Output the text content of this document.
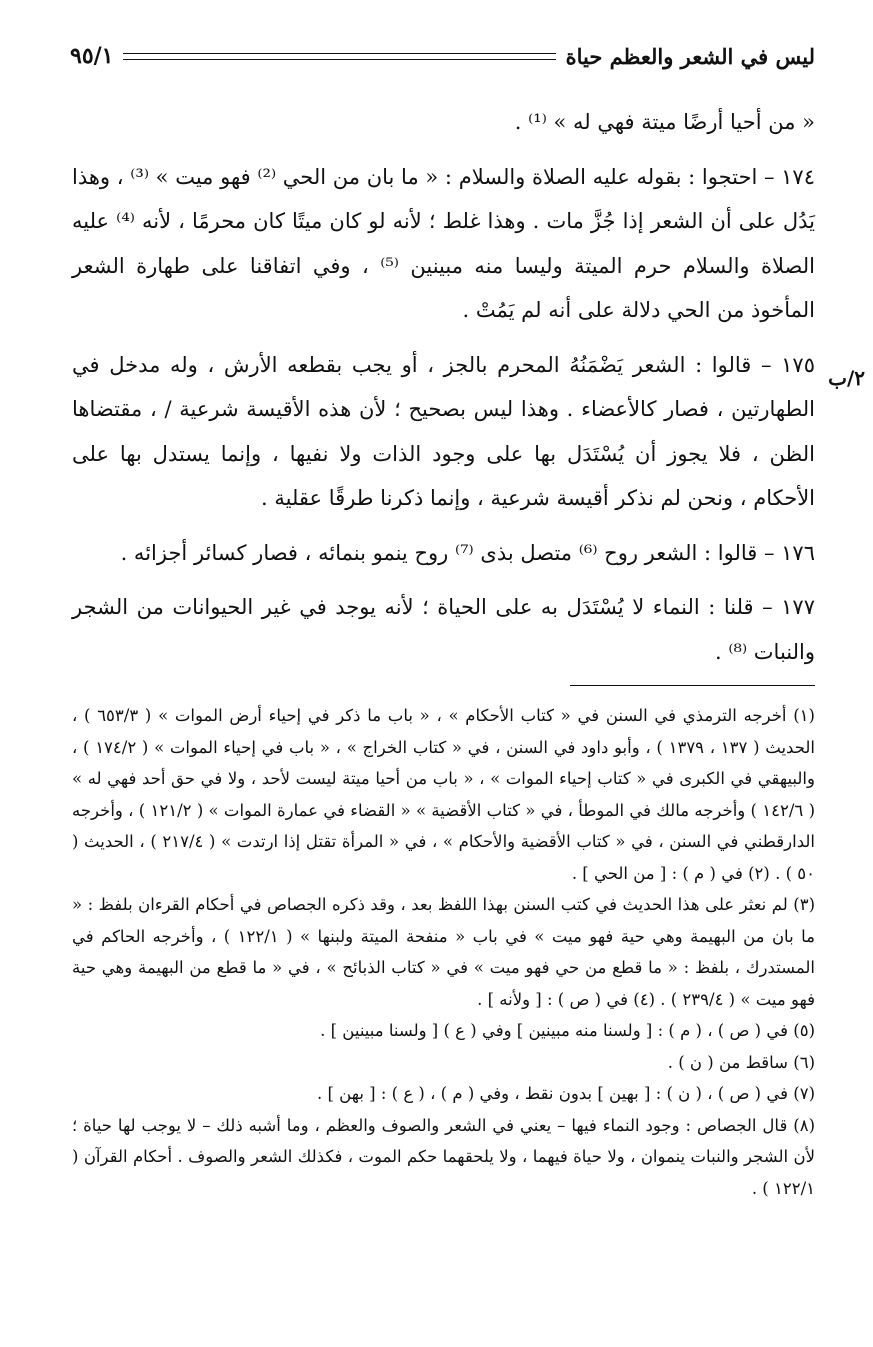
ليس في الشعر والعظم حياة
٩٥/١
٢/ب

« من أحيا أرضًا ميتة فهي له » ⁽¹⁾ .

١٧٤ – احتجوا : بقوله عليه الصلاة والسلام : « ما بان من الحي ⁽²⁾ فهو ميت » ⁽³⁾ ، وهذا يَدُل على أن الشعر إذا جُزَّ مات . وهذا غلط ؛ لأنه لو كان ميتًا كان محرمًا ، لأنه ⁽⁴⁾ عليه الصلاة والسلام حرم الميتة وليسا منه مبينين ⁽⁵⁾ ، وفي اتفاقنا على طهارة الشعر المأخوذ من الحي دلالة على أنه لم يَمُتْ .

١٧٥ – قالوا : الشعر يَضْمَنُهُ المحرم بالجز ، أو يجب بقطعه الأرش ، وله مدخل في الطهارتين ، فصار كالأعضاء . وهذا ليس بصحيح ؛ لأن هذه الأقيسة شرعية / ، مقتضاها الظن ، فلا يجوز أن يُسْتَدَل بها على وجود الذات ولا نفيها ، وإنما يستدل بها على الأحكام ، ونحن لم نذكر أقيسة شرعية ، وإنما ذكرنا طرقًا عقلية .

١٧٦ – قالوا : الشعر روح ⁽⁶⁾ متصل بذى ⁽⁷⁾ روح ينمو بنمائه ، فصار كسائر أجزائه .

١٧٧ – قلنا : النماء لا يُسْتَدَل به على الحياة ؛ لأنه يوجد في غير الحيوانات من الشجر والنبات ⁽⁸⁾ .

(١) أخرجه الترمذي في السنن في « كتاب الأحكام » ، « باب ما ذكر في إحياء أرض الموات » ( ٦٥٣/٣ ) ، الحديث ( ١٣٧ ، ١٣٧٩ ) ، وأبو داود في السنن ، في « كتاب الخراج » ، « باب في إحياء الموات » ( ١٧٤/٢ ) ، والبيهقي في الكبرى في « كتاب إحياء الموات » ، « باب من أحيا ميتة ليست لأحد ، ولا في حق أحد فهي له » ( ١٤٢/٦ ) وأخرجه مالك في الموطأ ، في « كتاب الأقضية » « القضاء في عمارة الموات » ( ١٢١/٢ ) ، وأخرجه الدارقطني في السنن ، في « كتاب الأقضية والأحكام » ، في « المرأة تقتل إذا ارتدت » ( ٢١٧/٤ ) ، الحديث ( ٥٠ ) . (٢) في ( م ) : [ من الحي ] .

(٣) لم نعثر على هذا الحديث في كتب السنن بهذا اللفظ بعد ، وقد ذكره الجصاص في أحكام القرءان بلفظ : « ما بان من البهيمة وهي حية فهو ميت » في باب « منفحة الميتة ولبنها » ( ١٢٢/١ ) ، وأخرجه الحاكم في المستدرك ، بلفظ : « ما قطع من حي فهو ميت » في « كتاب الذبائح » ، في « ما قطع من البهيمة وهي حية فهو ميت » ( ٢٣٩/٤ ) . (٤) في ( ص ) : [ ولأنه ] .

(٥) في ( ص ) ، ( م ) : [ ولسنا منه مبينين ] وفي ( ع ) [ ولسنا مبينين ] .

(٦) ساقط من ( ن ) .

(٧) في ( ص ) ، ( ن ) : [ بهين ] بدون نقط ، وفي ( م ) ، ( ع ) : [ بهن ] .

(٨) قال الجصاص : وجود النماء فيها – يعني في الشعر والصوف والعظم ، وما أشبه ذلك – لا يوجب لها حياة ؛ لأن الشجر والنبات ينموان ، ولا حياة فيهما ، ولا يلحقهما حكم الموت ، فكذلك الشعر والصوف . أحكام القرآن ( ١٢٢/١ ) .
